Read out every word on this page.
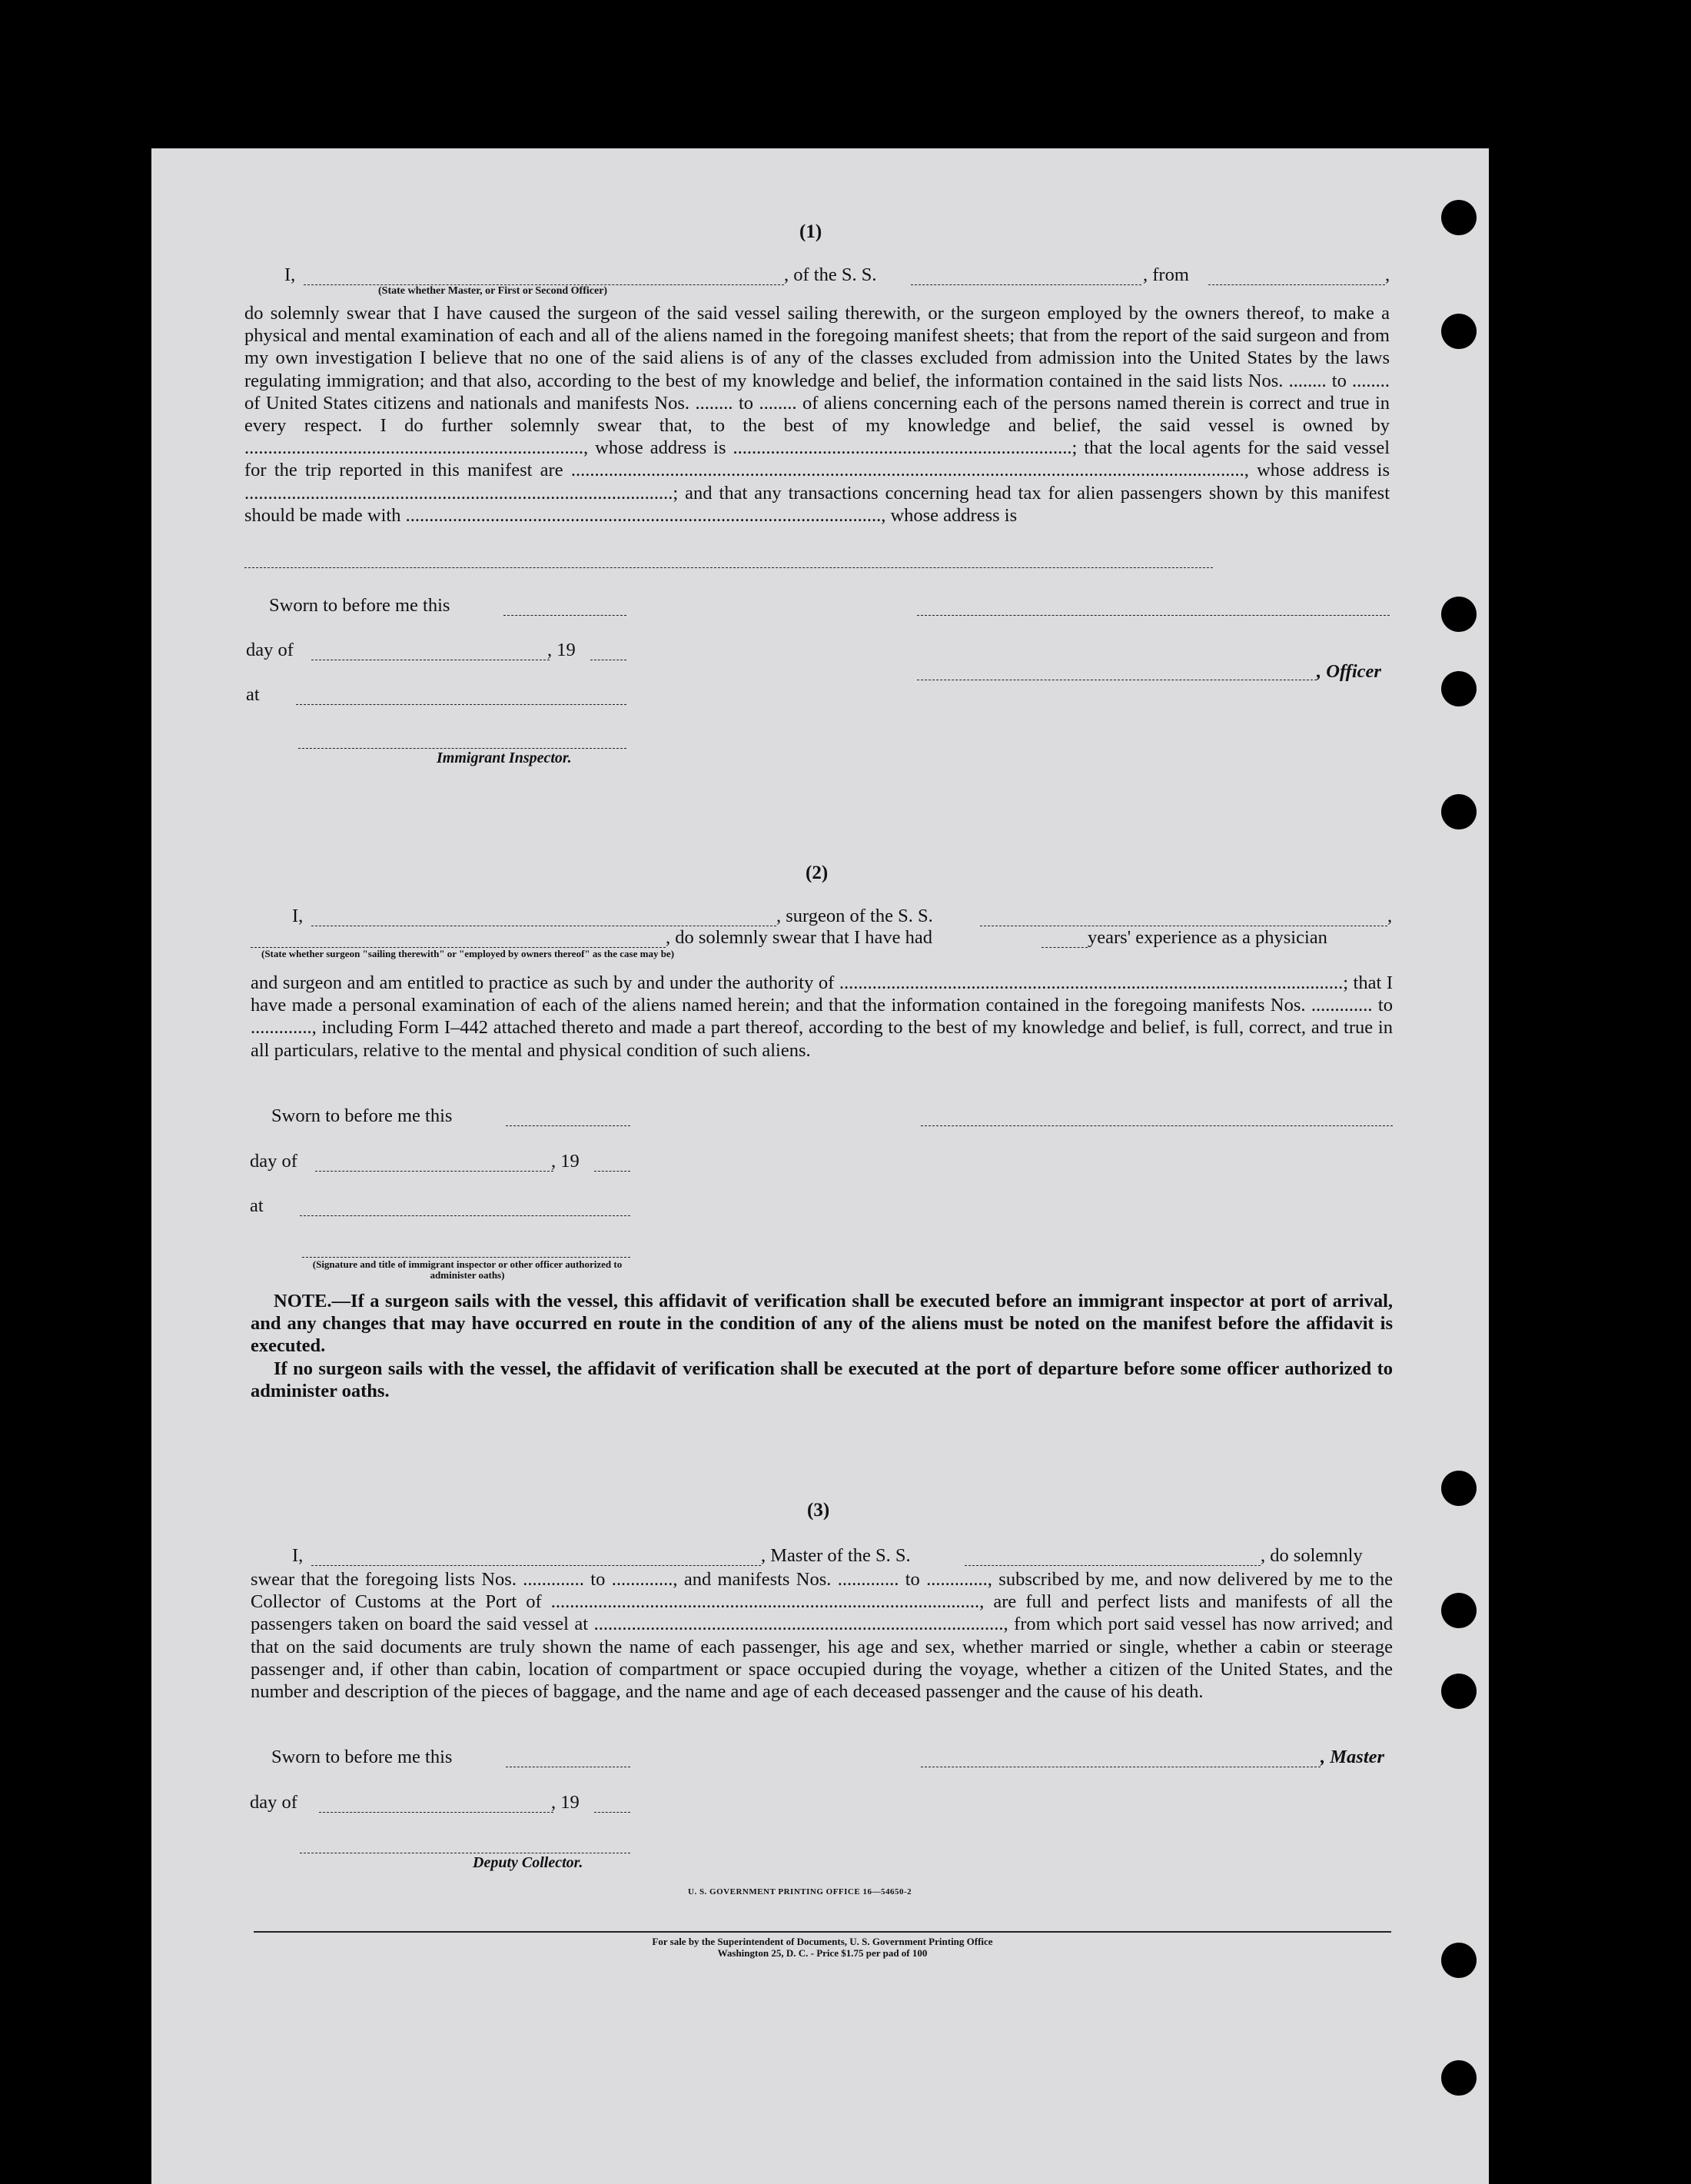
(1)
I,	, of the S. S.	, from	,
(State whether Master, or First or Second Officer)
do solemnly swear that I have caused the surgeon of the said vessel sailing therewith, or the surgeon employed by the owners thereof, to make a physical and mental examination of each and all of the aliens named in the foregoing manifest sheets; that from the report of the said surgeon and from my own investigation I believe that no one of the said aliens is of any of the classes excluded from admission into the United States by the laws regulating immigration; and that also, according to the best of my knowledge and belief, the information contained in the said lists Nos. ........ to ........ of United States citizens and nationals and manifests Nos. ........ to ........ of aliens concerning each of the persons named therein is correct and true in every respect. I do further solemnly swear that, to the best of my knowledge and belief, the said vessel is owned by ........................................................................, whose address is ........................................................................; that the local agents for the said vessel for the trip reported in this manifest are ..............................................................................................................................................., whose address is ...........................................................................................; and that any transactions concerning head tax for alien passengers shown by this manifest should be made with ....................................................................................................., whose address is
Sworn to before me this
day of	, 19
, Officer
at
Immigrant Inspector.
(2)
I,	, surgeon of the S. S.	,
, do solemnly swear that I have had	years' experience as a physician
(State whether surgeon "sailing therewith" or "employed by owners thereof" as the case may be)
and surgeon and am entitled to practice as such by and under the authority of ...........................................................................................................; that I have made a personal examination of each of the aliens named herein; and that the information contained in the foregoing manifests Nos. ............. to ............., including Form I–442 attached thereto and made a part thereof, according to the best of my knowledge and belief, is full, correct, and true in all particulars, relative to the mental and physical condition of such aliens.
Sworn to before me this
day of	, 19
at
(Signature and title of immigrant inspector or other officer authorized to administer oaths)
NOTE.—If a surgeon sails with the vessel, this affidavit of verification shall be executed before an immigrant inspector at port of arrival, and any changes that may have occurred en route in the condition of any of the aliens must be noted on the manifest before the affidavit is executed.
If no surgeon sails with the vessel, the affidavit of verification shall be executed at the port of departure before some officer authorized to administer oaths.
(3)
I,	, Master of the S. S.	, do solemnly
swear that the foregoing lists Nos. ............. to ............., and manifests Nos. ............. to ............., subscribed by me, and now delivered by me to the Collector of Customs at the Port of ..........................................................................................., are full and perfect lists and manifests of all the passengers taken on board the said vessel at ......................................................................................., from which port said vessel has now arrived; and that on the said documents are truly shown the name of each passenger, his age and sex, whether married or single, whether a cabin or steerage passenger and, if other than cabin, location of compartment or space occupied during the voyage, whether a citizen of the United States, and the number and description of the pieces of baggage, and the name and age of each deceased passenger and the cause of his death.
Sworn to before me this	, Master
day of	, 19
Deputy Collector.
U. S. GOVERNMENT PRINTING OFFICE 16—54650-2
For sale by the Superintendent of Documents, U. S. Government Printing Office
Washington 25, D. C. - Price $1.75 per pad of 100
